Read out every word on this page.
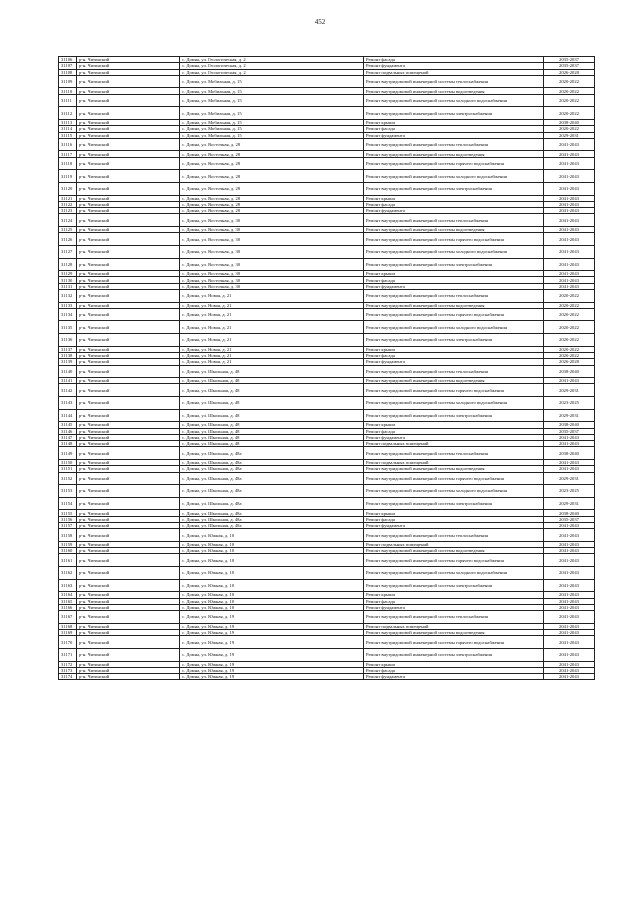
452
31106	р-н. Читинский	с. Домна, ул. Геологическая, д. 2	Ремонт фасада	2035-2037
31107	р-н. Читинский	с. Домна, ул. Геологическая, д. 2	Ремонт фундамента	2035-2037
31108	р-н. Читинский	с. Домна, ул. Геологическая, д. 2	Ремонт подвальных помещений	2026-2028
31109	р-н. Читинский	с. Домна, ул. Мобильная, д. 15	Ремонт внутридомовой инженерной системы теплоснабжения	2020-2022
31110	р-н. Читинский	с. Домна, ул. Мобильная, д. 15	Ремонт внутридомовой инженерной системы водоотведения	2020-2022
31111	р-н. Читинский	с. Домна, ул. Мобильная, д. 15	Ремонт внутридомовой инженерной системы холодного водоснабжения	2020-2022
31112	р-н. Читинский	с. Домна, ул. Мобильная, д. 15	Ремонт внутридомовой инженерной системы электроснабжения	2020-2022
31113	р-н. Читинский	с. Домна, ул. Мобильная, д. 15	Ремонт крыши	2038-2040
31114	р-н. Читинский	с. Домна, ул. Мобильная, д. 15	Ремонт фасада	2020-2022
31115	р-н. Читинский	с. Домна, ул. Мобильная, д. 15	Ремонт фундамента	2029-2031
31116	р-н. Читинский	с. Домна, ул. Восточная, д. 28	Ремонт внутридомовой инженерной системы теплоснабжения	2041-2043
31117	р-н. Читинский	с. Домна, ул. Восточная, д. 28	Ремонт внутридомовой инженерной системы водоотведения	2041-2043
31118	р-н. Читинский	с. Домна, ул. Восточная, д. 28	Ремонт внутридомовой инженерной системы горячего водоснабжения	2041-2043
31119	р-н. Читинский	с. Домна, ул. Восточная, д. 28	Ремонт внутридомовой инженерной системы холодного водоснабжения	2041-2043
31120	р-н. Читинский	с. Домна, ул. Восточная, д. 28	Ремонт внутридомовой инженерной системы электроснабжения	2041-2043
31121	р-н. Читинский	с. Домна, ул. Восточная, д. 28	Ремонт крыши	2041-2043
31122	р-н. Читинский	с. Домна, ул. Восточная, д. 28	Ремонт фасада	2041-2043
31123	р-н. Читинский	с. Домна, ул. Восточная, д. 28	Ремонт фундамента	2041-2043
31124	р-н. Читинский	с. Домна, ул. Восточная, д. 30	Ремонт внутридомовой инженерной системы теплоснабжения	2041-2043
31125	р-н. Читинский	с. Домна, ул. Восточная, д. 30	Ремонт внутридомовой инженерной системы водоотведения	2041-2043
31126	р-н. Читинский	с. Домна, ул. Восточная, д. 30	Ремонт внутридомовой инженерной системы горячего водоснабжения	2041-2043
31127	р-н. Читинский	с. Домна, ул. Восточная, д. 30	Ремонт внутридомовой инженерной системы холодного водоснабжения	2041-2043
31128	р-н. Читинский	с. Домна, ул. Восточная, д. 30	Ремонт внутридомовой инженерной системы электроснабжения	2041-2043
31129	р-н. Читинский	с. Домна, ул. Восточная, д. 30	Ремонт крыши	2041-2043
31130	р-н. Читинский	с. Домна, ул. Восточная, д. 30	Ремонт фасада	2041-2043
31131	р-н. Читинский	с. Домна, ул. Восточная, д. 30	Ремонт фундамента	2041-2043
31132	р-н. Читинский	с. Домна, ул. Новая, д. 21	Ремонт внутридомовой инженерной системы теплоснабжения	2020-2022
31133	р-н. Читинский	с. Домна, ул. Новая, д. 21	Ремонт внутридомовой инженерной системы водоотведения	2020-2022
31134	р-н. Читинский	с. Домна, ул. Новая, д. 21	Ремонт внутридомовой инженерной системы горячего водоснабжения	2020-2022
31135	р-н. Читинский	с. Домна, ул. Новая, д. 21	Ремонт внутридомовой инженерной системы холодного водоснабжения	2020-2022
31136	р-н. Читинский	с. Домна, ул. Новая, д. 21	Ремонт внутридомовой инженерной системы электроснабжения	2020-2022
31137	р-н. Читинский	с. Домна, ул. Новая, д. 21	Ремонт крыши	2020-2022
31138	р-н. Читинский	с. Домна, ул. Новая, д. 21	Ремонт фасада	2020-2022
31139	р-н. Читинский	с. Домна, ул. Новая, д. 21	Ремонт фундамента	2026-2028
31140	р-н. Читинский	с. Домна, ул. Школьная, д. 48	Ремонт внутридомовой инженерной системы теплоснабжения	2038-2040
31141	р-н. Читинский	с. Домна, ул. Школьная, д. 48	Ремонт внутридомовой инженерной системы водоотведения	2041-2043
31142	р-н. Читинский	с. Домна, ул. Школьная, д. 48	Ремонт внутридомовой инженерной системы горячего водоснабжения	2029-2031
31143	р-н. Читинский	с. Домна, ул. Школьная, д. 48	Ремонт внутридомовой инженерной системы холодного водоснабжения	2023-2025
31144	р-н. Читинский	с. Домна, ул. Школьная, д. 48	Ремонт внутридомовой инженерной системы электроснабжения	2029-2031
31145	р-н. Читинский	с. Домна, ул. Школьная, д. 48	Ремонт крыши	2038-2040
31146	р-н. Читинский	с. Домна, ул. Школьная, д. 48	Ремонт фасада	2035-2037
31147	р-н. Читинский	с. Домна, ул. Школьная, д. 48	Ремонт фундамента	2041-2043
31148	р-н. Читинский	с. Домна, ул. Школьная, д. 48	Ремонт подвальных помещений	2041-2043
31149	р-н. Читинский	с. Домна, ул. Школьная, д. 48а	Ремонт внутридомовой инженерной системы теплоснабжения	2038-2040
31150	р-н. Читинский	с. Домна, ул. Школьная, д. 48а	Ремонт подвальных помещений	2041-2043
31151	р-н. Читинский	с. Домна, ул. Школьная, д. 48а	Ремонт внутридомовой инженерной системы водоотведения	2041-2043
31152	р-н. Читинский	с. Домна, ул. Школьная, д. 48а	Ремонт внутридомовой инженерной системы горячего водоснабжения	2029-2031
31153	р-н. Читинский	с. Домна, ул. Школьная, д. 48а	Ремонт внутридомовой инженерной системы холодного водоснабжения	2023-2025
31154	р-н. Читинский	с. Домна, ул. Школьная, д. 48а	Ремонт внутридомовой инженерной системы электроснабжения	2029-2031
31155	р-н. Читинский	с. Домна, ул. Школьная, д. 48а	Ремонт крыши	2038-2040
31156	р-н. Читинский	с. Домна, ул. Школьная, д. 48а	Ремонт фасада	2035-2037
31157	р-н. Читинский	с. Домна, ул. Школьная, д. 48а	Ремонт фундамента	2041-2043
31158	р-н. Читинский	с. Домна, ул. Южная, д. 10	Ремонт внутридомовой инженерной системы теплоснабжения	2041-2043
31159	р-н. Читинский	с. Домна, ул. Южная, д. 10	Ремонт подвальных помещений	2041-2043
31160	р-н. Читинский	с. Домна, ул. Южная, д. 10	Ремонт внутридомовой инженерной системы водоотведения	2041-2043
31161	р-н. Читинский	с. Домна, ул. Южная, д. 10	Ремонт внутридомовой инженерной системы горячего водоснабжения	2041-2043
31162	р-н. Читинский	с. Домна, ул. Южная, д. 10	Ремонт внутридомовой инженерной системы холодного водоснабжения	2041-2043
31163	р-н. Читинский	с. Домна, ул. Южная, д. 10	Ремонт внутридомовой инженерной системы электроснабжения	2041-2043
31164	р-н. Читинский	с. Домна, ул. Южная, д. 10	Ремонт крыши	2041-2043
31165	р-н. Читинский	с. Домна, ул. Южная, д. 10	Ремонт фасада	2041-2043
31166	р-н. Читинский	с. Домна, ул. Южная, д. 10	Ремонт фундамента	2041-2043
31167	р-н. Читинский	с. Домна, ул. Южная, д. 19	Ремонт внутридомовой инженерной системы теплоснабжения	2041-2043
31168	р-н. Читинский	с. Домна, ул. Южная, д. 19	Ремонт подвальных помещений	2041-2043
31169	р-н. Читинский	с. Домна, ул. Южная, д. 19	Ремонт внутридомовой инженерной системы водоотведения	2041-2043
31170	р-н. Читинский	с. Домна, ул. Южная, д. 19	Ремонт внутридомовой инженерной системы горячего водоснабжения	2041-2043
31171	р-н. Читинский	с. Домна, ул. Южная, д. 19	Ремонт внутридомовой инженерной системы электроснабжения	2041-2043
31172	р-н. Читинский	с. Домна, ул. Южная, д. 19	Ремонт крыши	2041-2043
31173	р-н. Читинский	с. Домна, ул. Южная, д. 19	Ремонт фасада	2041-2043
31174	р-н. Читинский	с. Домна, ул. Южная, д. 19	Ремонт фундамента	2041-2043
